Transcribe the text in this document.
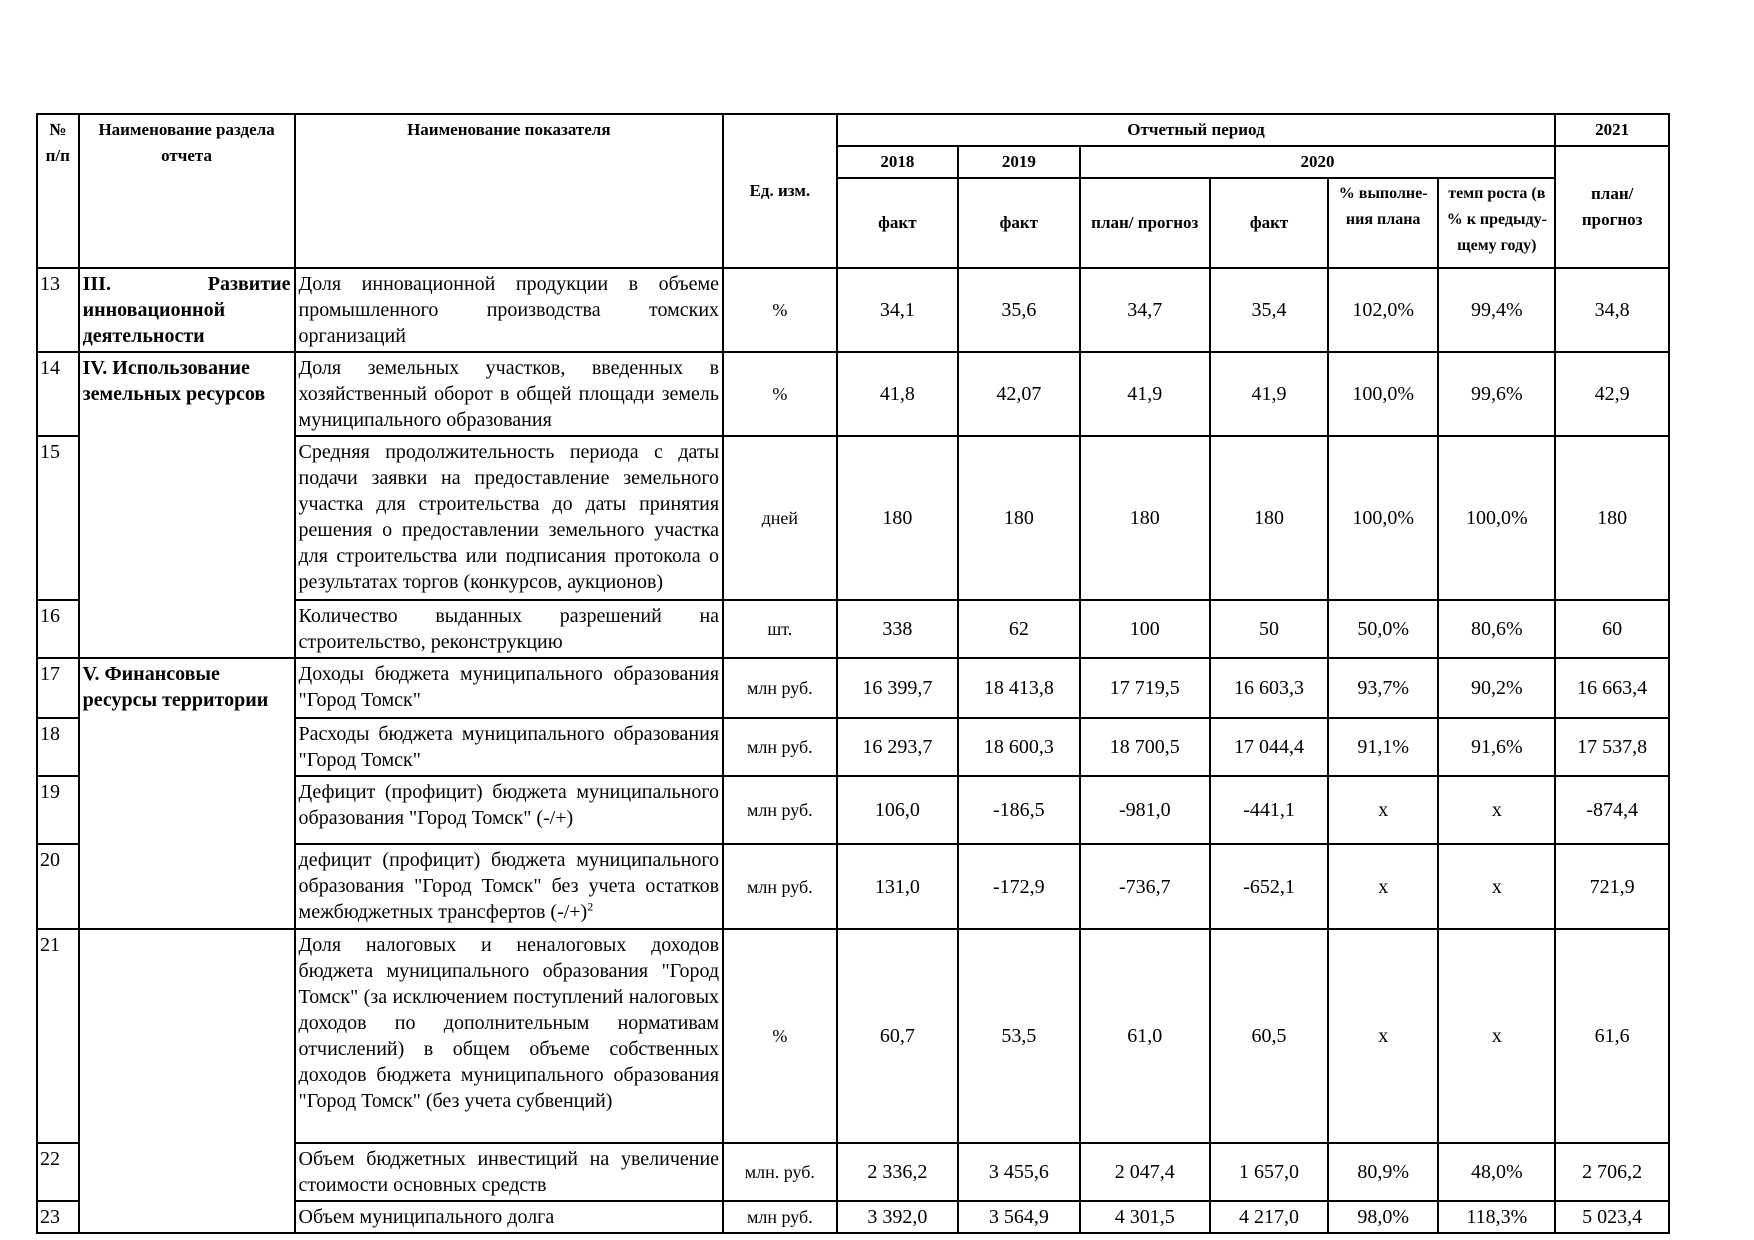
№ п/п	Наименование раздела отчета	Наименование показателя	Ед. изм.	Отчетный период						2021
				2018	2019	2020				план/ прогноз
				факт	факт	план/ прогноз	факт	% выполне-ния плана	темп роста (в % к предыду-щему году)	
13	III. Развитие инновационной деятельности	Доля инновационной продукции в объеме промышленного производства томских организаций	%	34,1	35,6	34,7	35,4	102,0%	99,4%	34,8
14	IV. Использование земельных ресурсов	Доля земельных участков, введенных в хозяйственный оборот в общей площади земель муниципального образования	%	41,8	42,07	41,9	41,9	100,0%	99,6%	42,9
15		Средняя продолжительность периода с даты подачи заявки на предоставление земельного участка для строительства до даты принятия решения о предоставлении земельного участка для строительства или подписания протокола о результатах торгов (конкурсов, аукционов)	дней	180	180	180	180	100,0%	100,0%	180
16		Количество выданных разрешений на строительство, реконструкцию	шт.	338	62	100	50	50,0%	80,6%	60
17	V. Финансовые ресурсы территории	Доходы бюджета муниципального образования "Город Томск"	млн руб.	16 399,7	18 413,8	17 719,5	16 603,3	93,7%	90,2%	16 663,4
18		Расходы бюджета муниципального образования "Город Томск"	млн руб.	16 293,7	18 600,3	18 700,5	17 044,4	91,1%	91,6%	17 537,8
19		Дефицит (профицит) бюджета муниципального образования "Город Томск" (-/+)	млн руб.	106,0	-186,5	-981,0	-441,1	х	х	-874,4
20		дефицит (профицит) бюджета муниципального образования "Город Томск" без учета остатков межбюджетных трансфертов $(-/+)^2$	млн руб.	131,0	-172,9	-736,7	-652,1	х	х	721,9
21		Доля налоговых и неналоговых доходов бюджета муниципального образования "Город Томск" (за исключением поступлений налоговых доходов по дополнительным нормативам отчислений) в общем объеме собственных доходов бюджета муниципального образования "Город Томск" (без учета субвенций)	%	60,7	53,5	61,0	60,5	х	х	61,6
22		Объем бюджетных инвестиций на увеличение стоимости основных средств	млн. руб.	2 336,2	3 455,6	2 047,4	1 657,0	80,9%	48,0%	2 706,2
23		Объем муниципального долга	млн руб.	3 392,0	3 564,9	4 301,5	4 217,0	98,0%	118,3%	5 023,4
